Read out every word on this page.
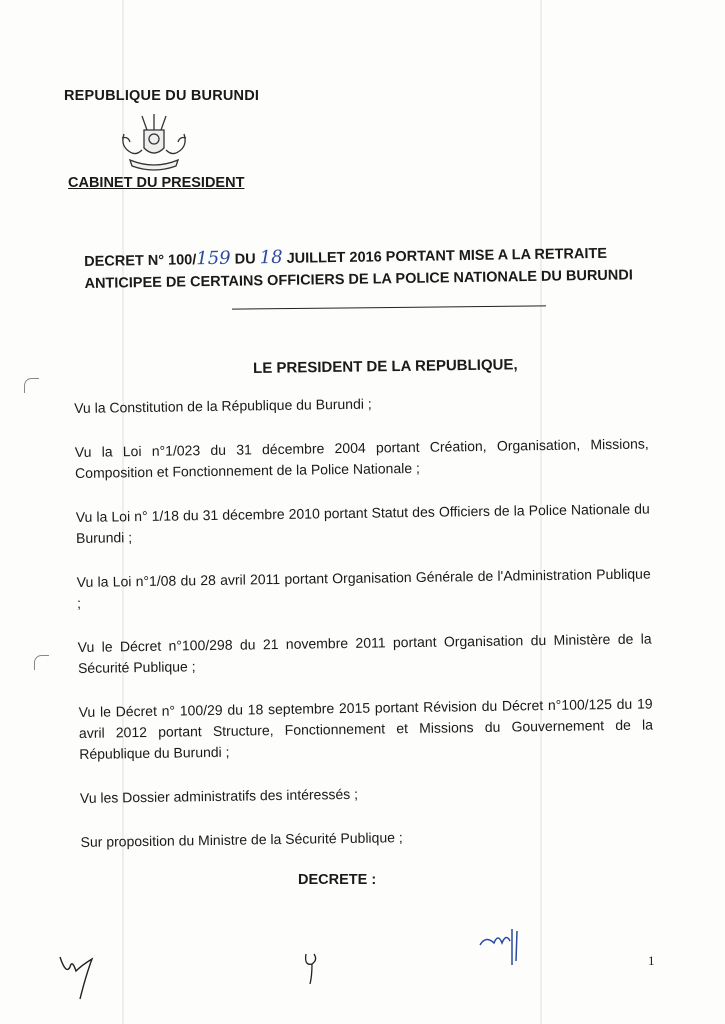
REPUBLIQUE DU BURUNDI
CABINET DU PRESIDENT
DECRET N° 100/159 DU 18 JUILLET 2016 PORTANT MISE A LA RETRAITE
ANTICIPEE DE CERTAINS OFFICIERS DE LA POLICE NATIONALE DU BURUNDI
LE PRESIDENT DE LA REPUBLIQUE,

Vu la Constitution de la République du Burundi ;

Vu la Loi n°1/023 du 31 décembre 2004 portant Création, Organisation, Missions, Composition et Fonctionnement de la Police Nationale ;

Vu la Loi n° 1/18 du 31 décembre 2010 portant Statut des Officiers de la Police Nationale du Burundi ;

Vu la Loi n°1/08 du 28 avril 2011 portant Organisation Générale de l'Administration Publique ;

Vu le Décret n°100/298 du 21 novembre 2011 portant Organisation du Ministère de la Sécurité Publique ;

Vu le Décret n° 100/29 du 18 septembre 2015 portant Révision du Décret n°100/125 du 19 avril 2012 portant Structure, Fonctionnement et Missions du Gouvernement de la République du Burundi ;

Vu les Dossier administratifs des intéressés ;

Sur proposition du Ministre de la Sécurité Publique ;

DECRETE :
1
